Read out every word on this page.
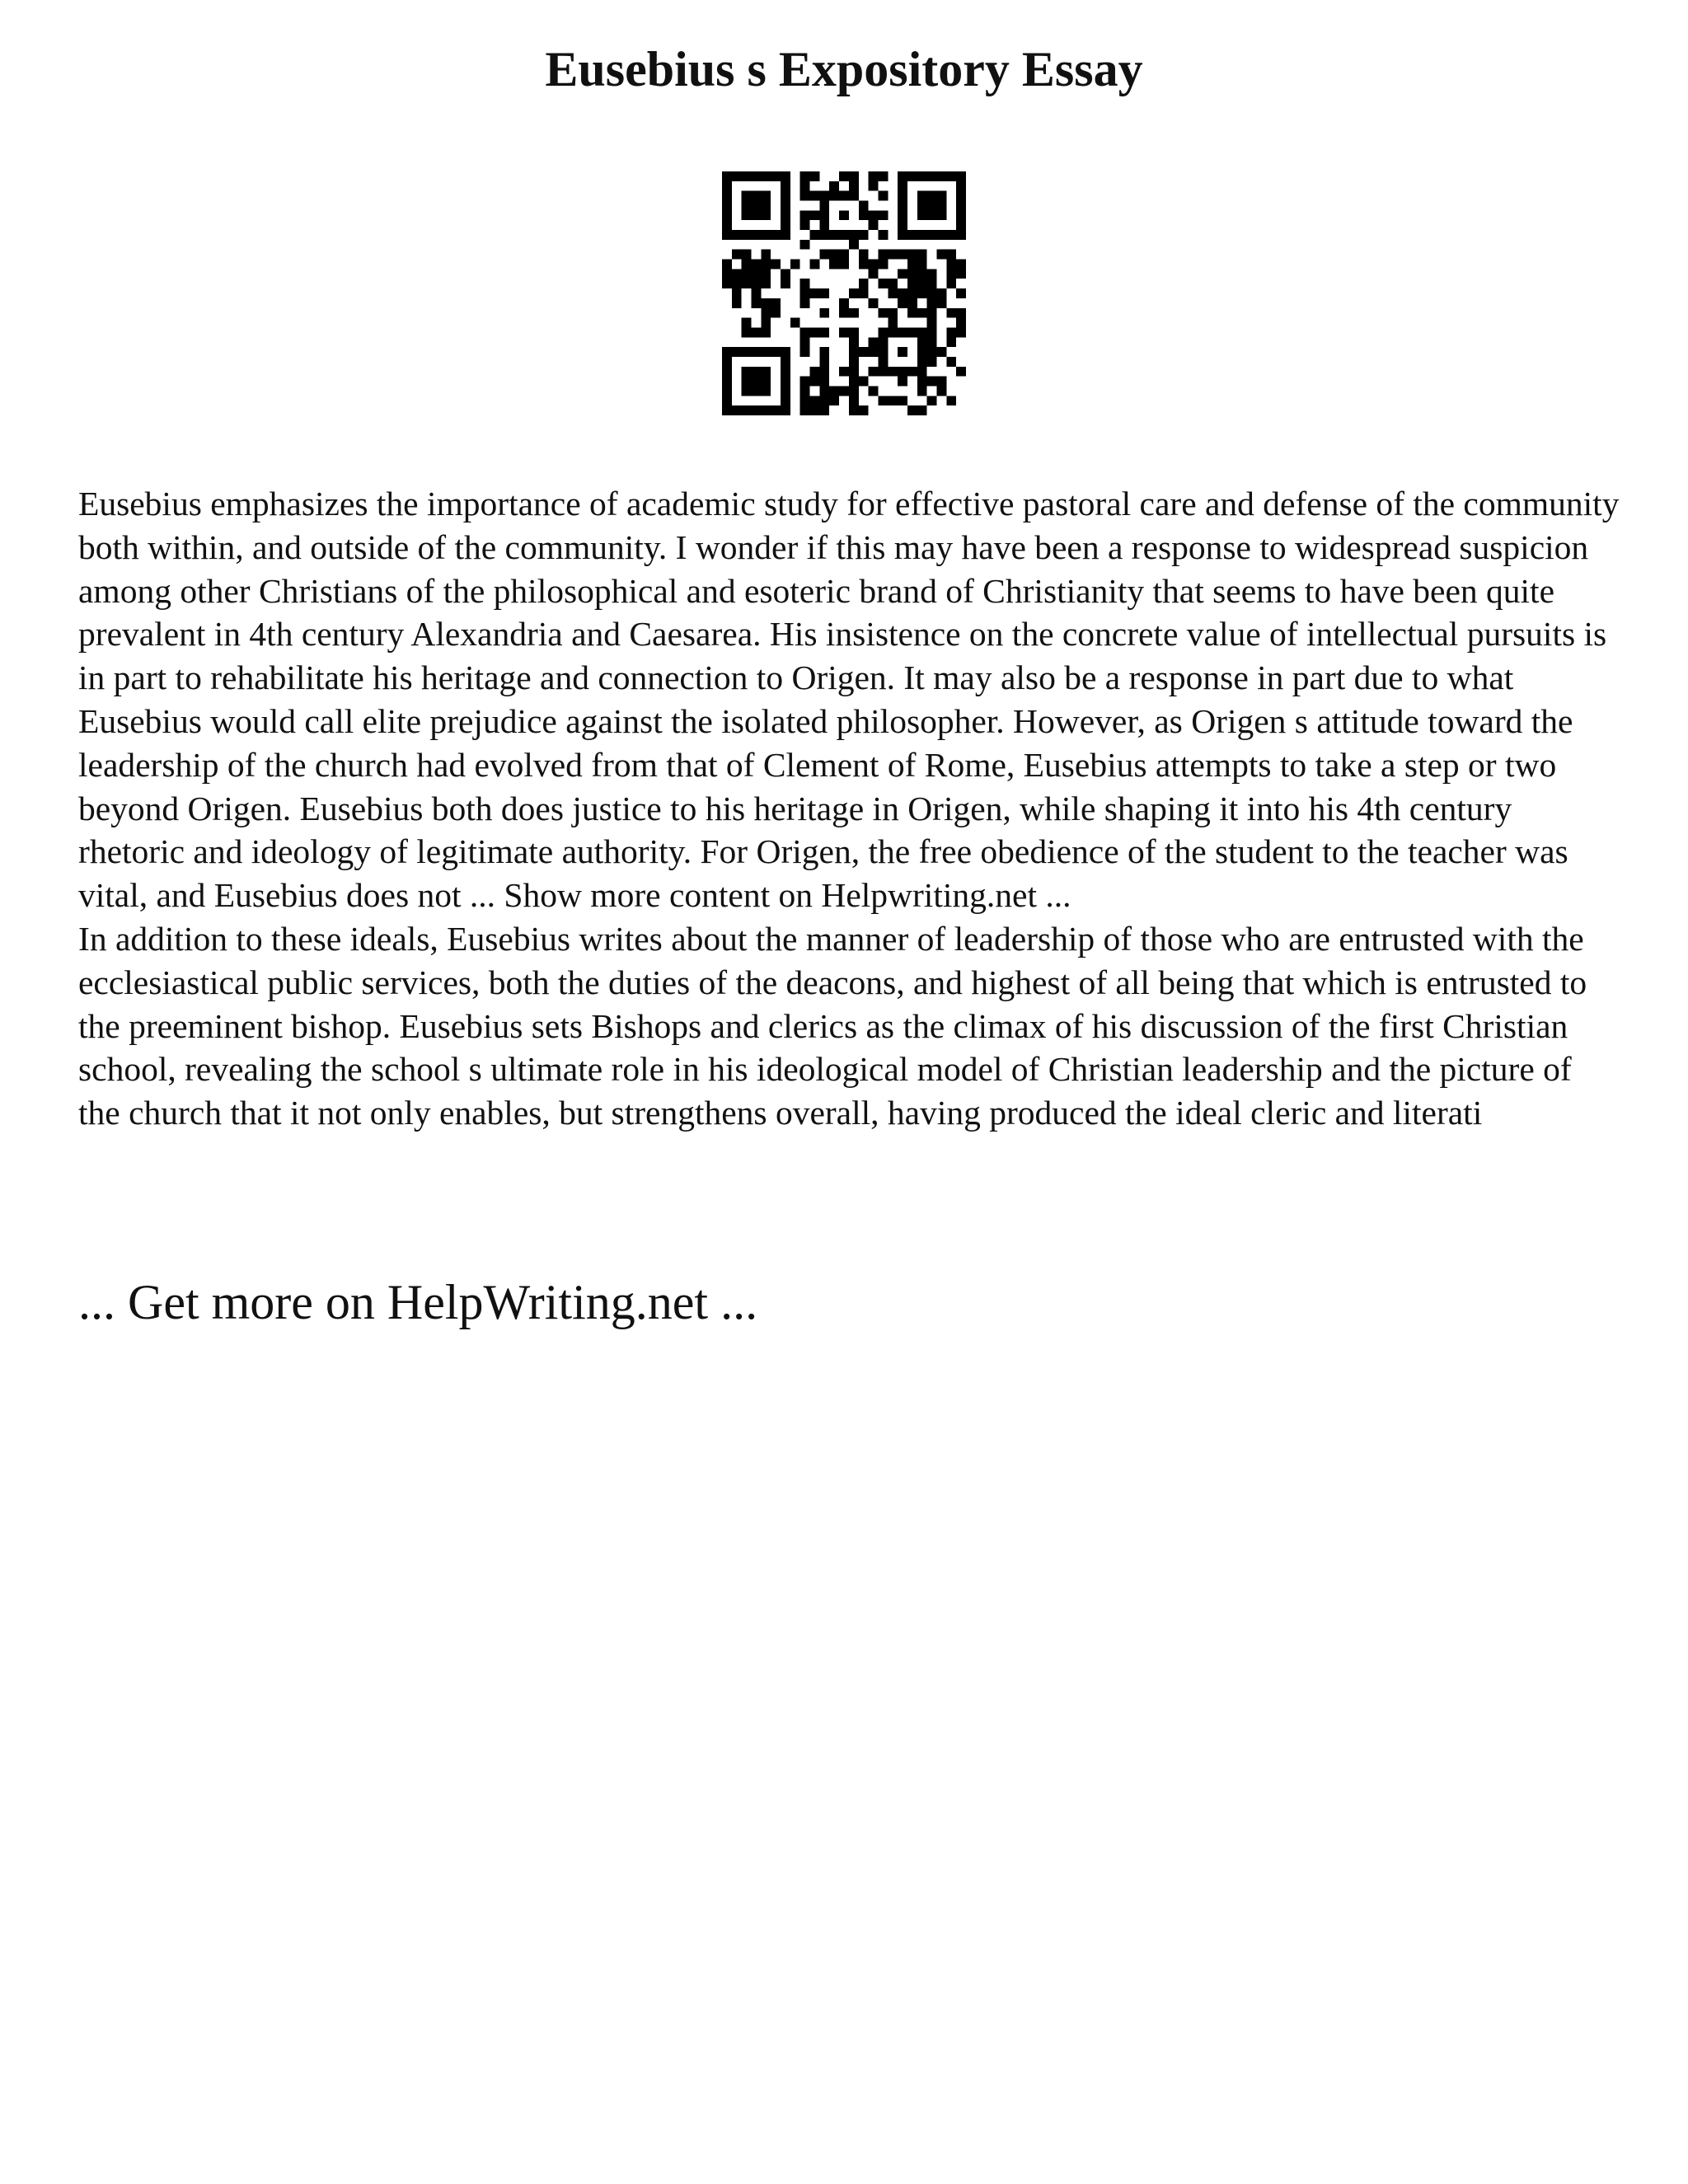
Eusebius s Expository Essay

Eusebius emphasizes the importance of academic study for effective pastoral care and defense of the community both within, and outside of the community. I wonder if this may have been a response to widespread suspicion among other Christians of the philosophical and esoteric brand of Christianity that seems to have been quite prevalent in 4th century Alexandria and Caesarea. His insistence on the concrete value of intellectual pursuits is in part to rehabilitate his heritage and connection to Origen. It may also be a response in part due to what Eusebius would call elite prejudice against the isolated philosopher. However, as Origen s attitude toward the leadership of the church had evolved from that of Clement of Rome, Eusebius attempts to take a step or two beyond Origen. Eusebius both does justice to his heritage in Origen, while shaping it into his 4th century rhetoric and ideology of legitimate authority. For Origen, the free obedience of the student to the teacher was vital, and Eusebius does not ... Show more content on Helpwriting.net ...

In addition to these ideals, Eusebius writes about the manner of leadership of those who are entrusted with the ecclesiastical public services, both the duties of the deacons, and highest of all being that which is entrusted to the preeminent bishop. Eusebius sets Bishops and clerics as the climax of his discussion of the first Christian school, revealing the school s ultimate role in his ideological model of Christian leadership and the picture of the church that it not only enables, but strengthens overall, having produced the ideal cleric and literati

... Get more on HelpWriting.net ...
